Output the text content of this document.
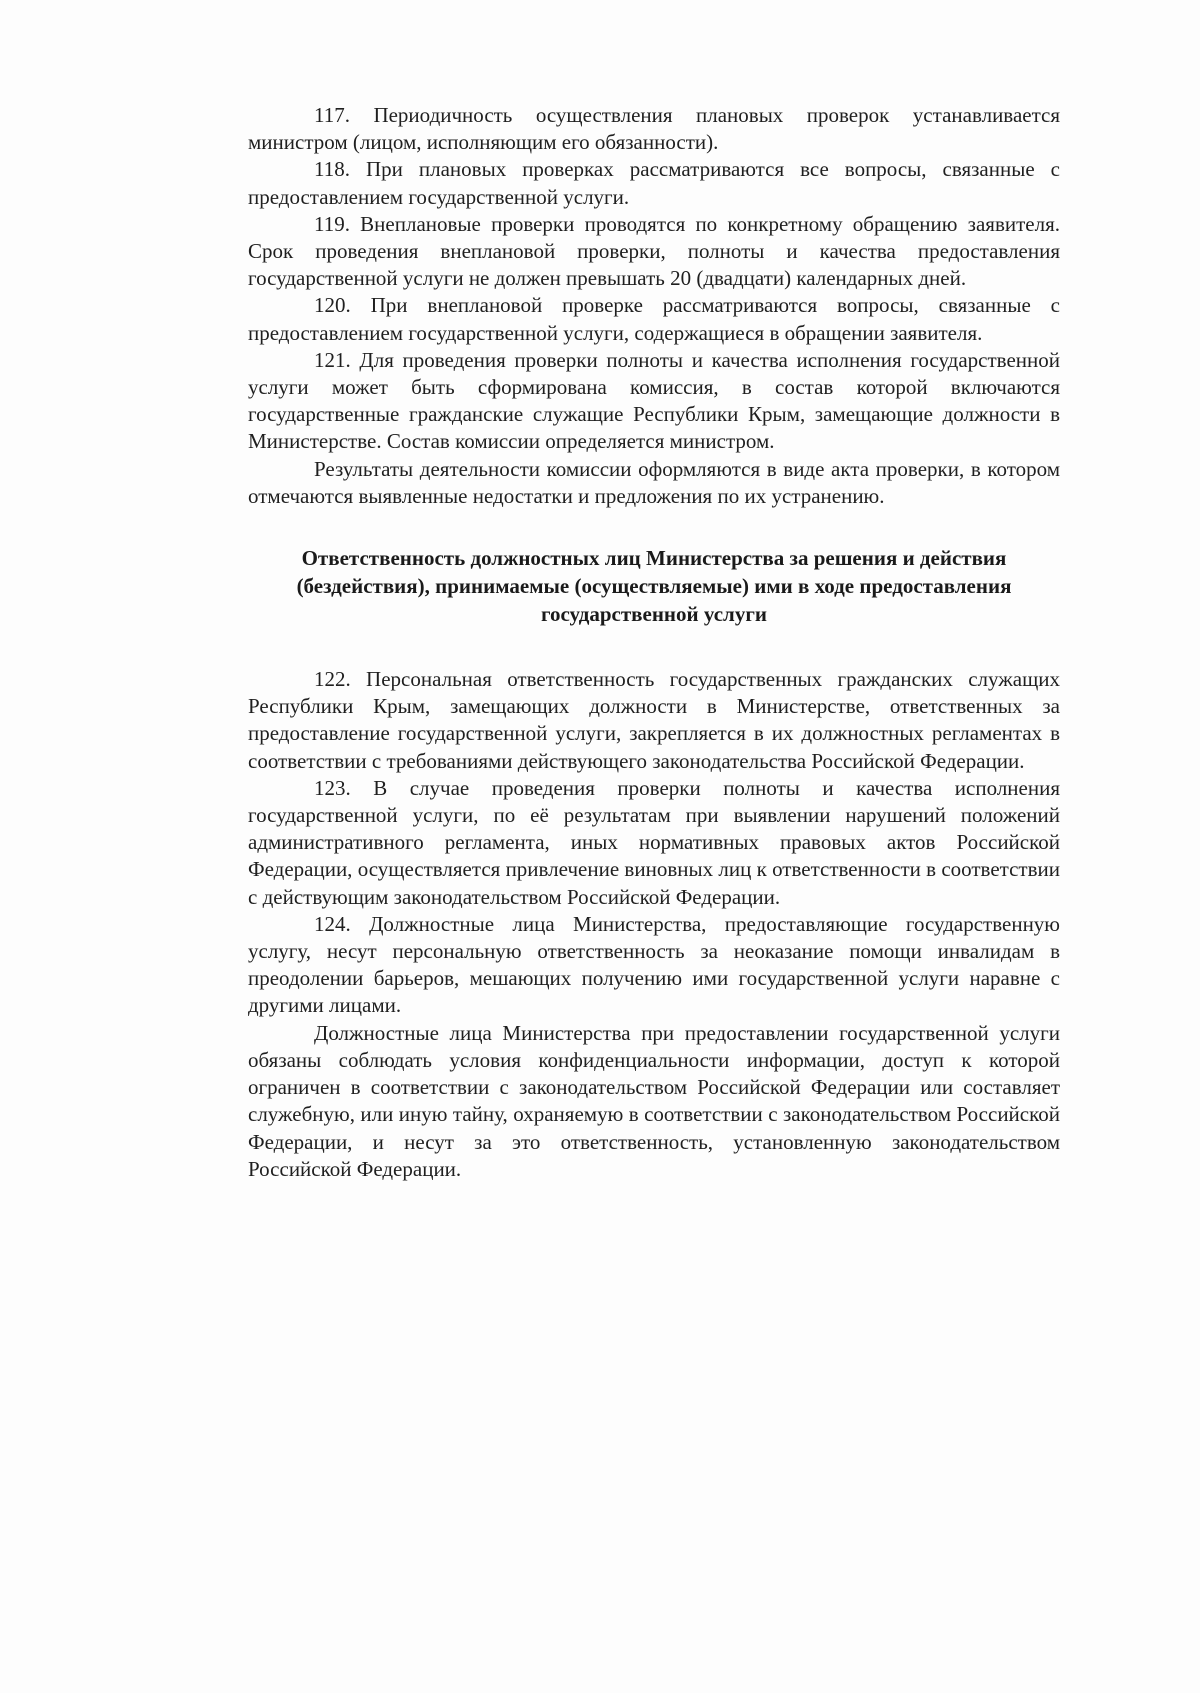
117. Периодичность осуществления плановых проверок устанавливается министром (лицом, исполняющим его обязанности).

118. При плановых проверках рассматриваются все вопросы, связанные с предоставлением государственной услуги.

119. Внеплановые проверки проводятся по конкретному обращению заявителя. Срок проведения внеплановой проверки, полноты и качества предоставления государственной услуги не должен превышать 20 (двадцати) календарных дней.

120. При внеплановой проверке рассматриваются вопросы, связанные с предоставлением государственной услуги, содержащиеся в обращении заявителя.

121. Для проведения проверки полноты и качества исполнения государственной услуги может быть сформирована комиссия, в состав которой включаются государственные гражданские служащие Республики Крым, замещающие должности в Министерстве. Состав комиссии определяется министром.

Результаты деятельности комиссии оформляются в виде акта проверки, в котором отмечаются выявленные недостатки и предложения по их устранению.

Ответственность должностных лиц Министерства за решения и действия (бездействия), принимаемые (осуществляемые) ими в ходе предоставления государственной услуги

122. Персональная ответственность государственных гражданских служащих Республики Крым, замещающих должности в Министерстве, ответственных за предоставление государственной услуги, закрепляется в их должностных регламентах в соответствии с требованиями действующего законодательства Российской Федерации.

123. В случае проведения проверки полноты и качества исполнения государственной услуги, по её результатам при выявлении нарушений положений административного регламента, иных нормативных правовых актов Российской Федерации, осуществляется привлечение виновных лиц к ответственности в соответствии с действующим законодательством Российской Федерации.

124. Должностные лица Министерства, предоставляющие государственную услугу, несут персональную ответственность за неоказание помощи инвалидам в преодолении барьеров, мешающих получению ими государственной услуги наравне с другими лицами.

Должностные лица Министерства при предоставлении государственной услуги обязаны соблюдать условия конфиденциальности информации, доступ к которой ограничен в соответствии с законодательством Российской Федерации или составляет служебную, или иную тайну, охраняемую в соответствии с законодательством Российской Федерации, и несут за это ответственность, установленную законодательством Российской Федерации.
